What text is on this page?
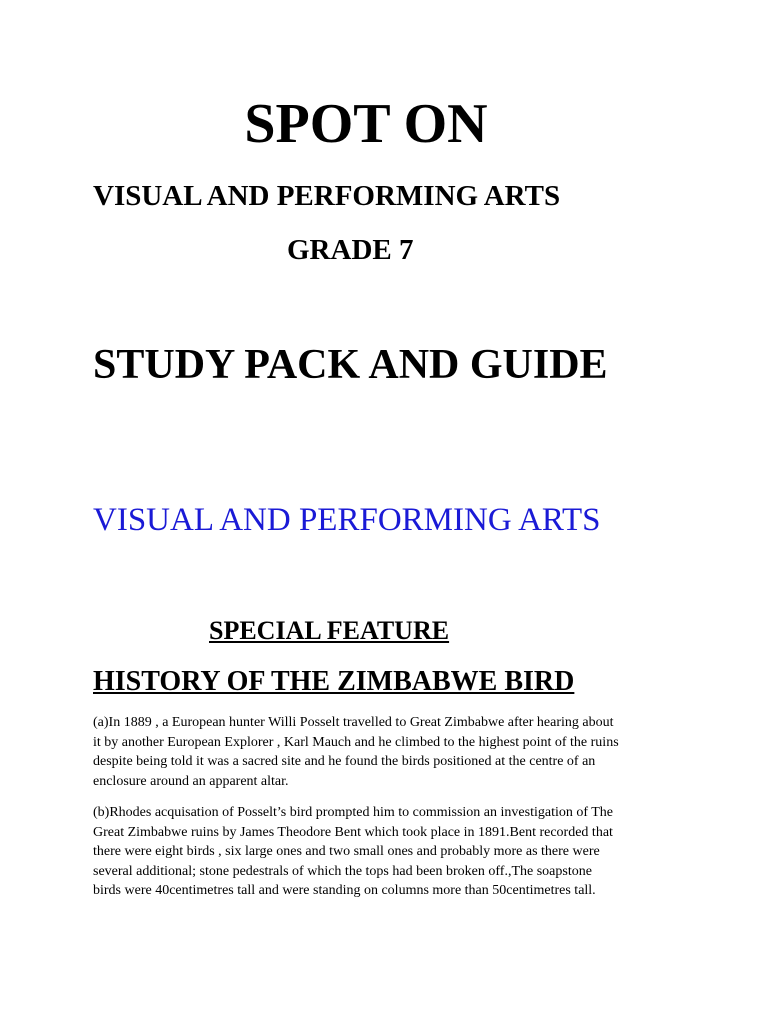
SPOT ON
VISUAL AND PERFORMING ARTS
GRADE 7
STUDY PACK AND GUIDE
VISUAL AND PERFORMING ARTS
SPECIAL FEATURE
HISTORY OF THE ZIMBABWE BIRD

(a)In 1889 , a European hunter Willi Posselt travelled to Great Zimbabwe after hearing about
it by another European Explorer , Karl Mauch and he climbed to the highest point of the ruins
despite being told it was a sacred site and he found the birds positioned at the centre of an
enclosure around an apparent altar.

(b)Rhodes acquisation of Posselt’s bird prompted him to commission an investigation of The
Great Zimbabwe ruins by James Theodore Bent which took place in 1891.Bent recorded that
there were eight birds , six large ones and two small ones and probably more as there were
several additional; stone pedestrals of which the tops had been broken off.,The soapstone
birds were 40centimetres tall and were standing on columns more than 50centimetres tall.
